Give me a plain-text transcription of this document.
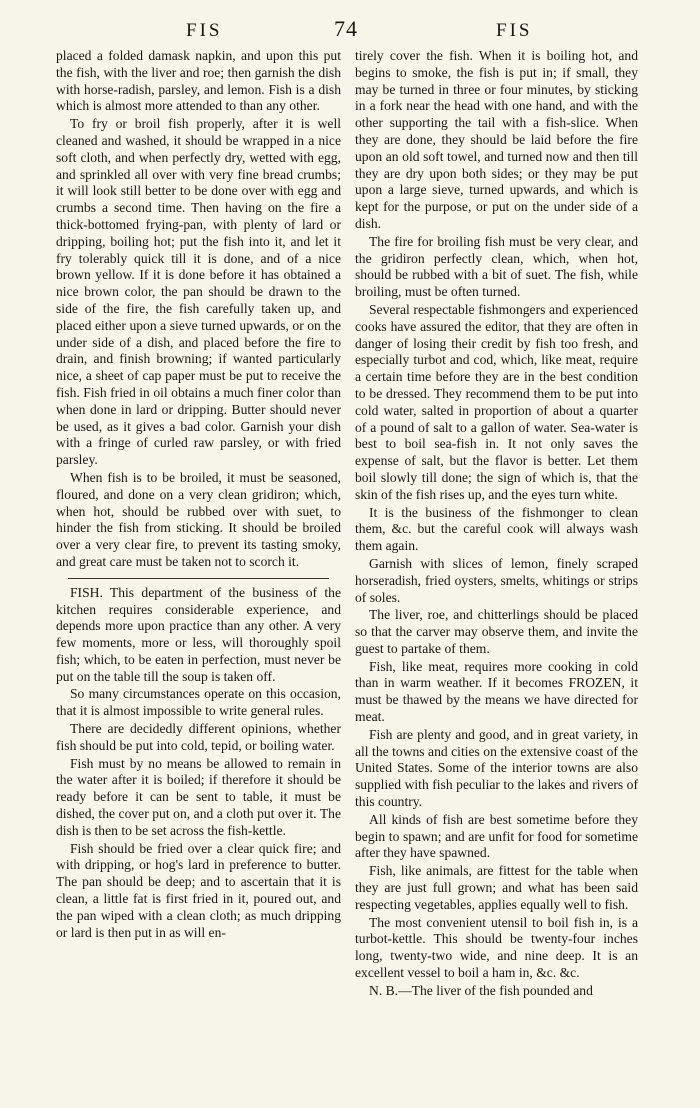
FIS	74	FIS

placed a folded damask napkin, and upon this put the fish, with the liver and roe; then garnish the dish with horse-radish, parsley, and lemon. Fish is a dish which is almost more attended to than any other.

To fry or broil fish properly, after it is well cleaned and washed, it should be wrapped in a nice soft cloth, and when perfectly dry, wetted with egg, and sprinkled all over with very fine bread crumbs; it will look still better to be done over with egg and crumbs a second time. Then having on the fire a thick-bottomed frying-pan, with plenty of lard or dripping, boiling hot; put the fish into it, and let it fry tolerably quick till it is done, and of a nice brown yellow. If it is done before it has obtained a nice brown color, the pan should be drawn to the side of the fire, the fish carefully taken up, and placed either upon a sieve turned upwards, or on the under side of a dish, and placed before the fire to drain, and finish browning; if wanted particularly nice, a sheet of cap paper must be put to receive the fish. Fish fried in oil obtains a much finer color than when done in lard or dripping. Butter should never be used, as it gives a bad color. Garnish your dish with a fringe of curled raw parsley, or with fried parsley.

When fish is to be broiled, it must be seasoned, floured, and done on a very clean gridiron; which, when hot, should be rubbed over with suet, to hinder the fish from sticking. It should be broiled over a very clear fire, to prevent its tasting smoky, and great care must be taken not to scorch it.

FISH. This department of the business of the kitchen requires considerable experience, and depends more upon practice than any other. A very few moments, more or less, will thoroughly spoil fish; which, to be eaten in perfection, must never be put on the table till the soup is taken off.

So many circumstances operate on this occasion, that it is almost impossible to write general rules.

There are decidedly different opinions, whether fish should be put into cold, tepid, or boiling water.

Fish must by no means be allowed to remain in the water after it is boiled; if therefore it should be ready before it can be sent to table, it must be dished, the cover put on, and a cloth put over it. The dish is then to be set across the fish-kettle.

Fish should be fried over a clear quick fire; and with dripping, or hog's lard in preference to butter. The pan should be deep; and to ascertain that it is clean, a little fat is first fried in it, poured out, and the pan wiped with a clean cloth; as much dripping or lard is then put in as will en-

tirely cover the fish. When it is boiling hot, and begins to smoke, the fish is put in; if small, they may be turned in three or four minutes, by sticking in a fork near the head with one hand, and with the other supporting the tail with a fish-slice. When they are done, they should be laid before the fire upon an old soft towel, and turned now and then till they are dry upon both sides; or they may be put upon a large sieve, turned upwards, and which is kept for the purpose, or put on the under side of a dish.

The fire for broiling fish must be very clear, and the gridiron perfectly clean, which, when hot, should be rubbed with a bit of suet. The fish, while broiling, must be often turned.

Several respectable fishmongers and experienced cooks have assured the editor, that they are often in danger of losing their credit by fish too fresh, and especially turbot and cod, which, like meat, require a certain time before they are in the best condition to be dressed. They recommend them to be put into cold water, salted in proportion of about a quarter of a pound of salt to a gallon of water. Sea-water is best to boil sea-fish in. It not only saves the expense of salt, but the flavor is better. Let them boil slowly till done; the sign of which is, that the skin of the fish rises up, and the eyes turn white.

It is the business of the fishmonger to clean them, &c. but the careful cook will always wash them again.

Garnish with slices of lemon, finely scraped horseradish, fried oysters, smelts, whitings or strips of soles.

The liver, roe, and chitterlings should be placed so that the carver may observe them, and invite the guest to partake of them.

Fish, like meat, requires more cooking in cold than in warm weather. If it becomes FROZEN, it must be thawed by the means we have directed for meat.

Fish are plenty and good, and in great variety, in all the towns and cities on the extensive coast of the United States. Some of the interior towns are also supplied with fish peculiar to the lakes and rivers of this country.

All kinds of fish are best sometime before they begin to spawn; and are unfit for food for sometime after they have spawned.

Fish, like animals, are fittest for the table when they are just full grown; and what has been said respecting vegetables, applies equally well to fish.

The most convenient utensil to boil fish in, is a turbot-kettle. This should be twenty-four inches long, twenty-two wide, and nine deep. It is an excellent vessel to boil a ham in, &c. &c.

N. B.—The liver of the fish pounded and
